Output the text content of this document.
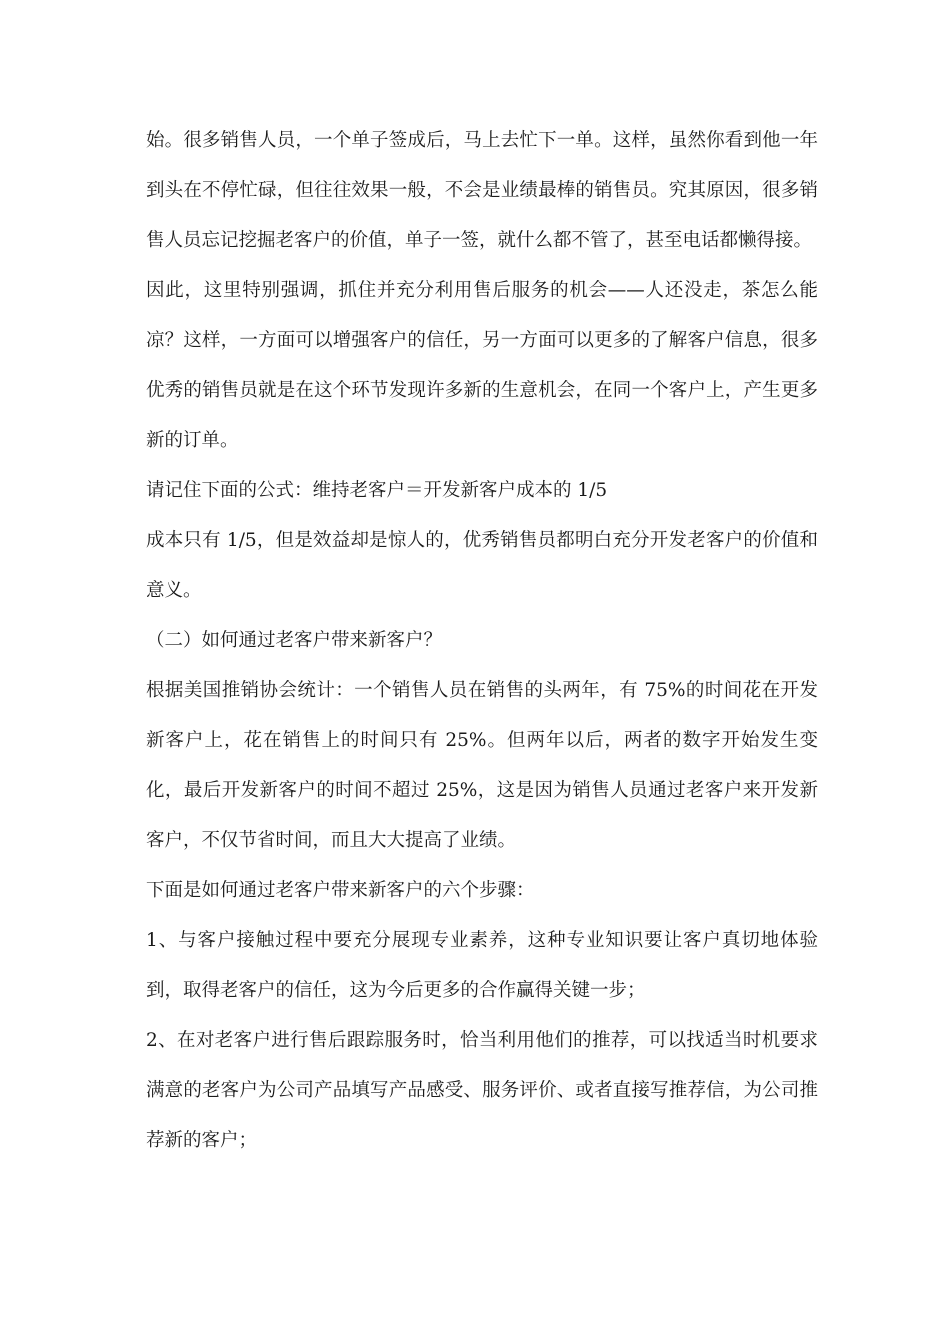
始。很多销售人员，一个单子签成后，马上去忙下一单。这样，虽然你看到他一年到头在不停忙碌，但往往效果一般，不会是业绩最棒的销售员。究其原因，很多销售人员忘记挖掘老客户的价值，单子一签，就什么都不管了，甚至电话都懒得接。

因此，这里特别强调，抓住并充分利用售后服务的机会——人还没走，茶怎么能凉？这样，一方面可以增强客户的信任，另一方面可以更多的了解客户信息，很多优秀的销售员就是在这个环节发现许多新的生意机会，在同一个客户上，产生更多新的订单。

请记住下面的公式：维持老客户＝开发新客户成本的 1/5

成本只有 1/5，但是效益却是惊人的，优秀销售员都明白充分开发老客户的价值和意义。

（二）如何通过老客户带来新客户？

根据美国推销协会统计：一个销售人员在销售的头两年，有 75%的时间花在开发新客户上，花在销售上的时间只有 25%。但两年以后，两者的数字开始发生变化，最后开发新客户的时间不超过 25%，这是因为销售人员通过老客户来开发新客户，不仅节省时间，而且大大提高了业绩。

下面是如何通过老客户带来新客户的六个步骤：

1、与客户接触过程中要充分展现专业素养，这种专业知识要让客户真切地体验到，取得老客户的信任，这为今后更多的合作赢得关键一步；

2、在对老客户进行售后跟踪服务时，恰当利用他们的推荐，可以找适当时机要求满意的老客户为公司产品填写产品感受、服务评价、或者直接写推荐信，为公司推荐新的客户；
